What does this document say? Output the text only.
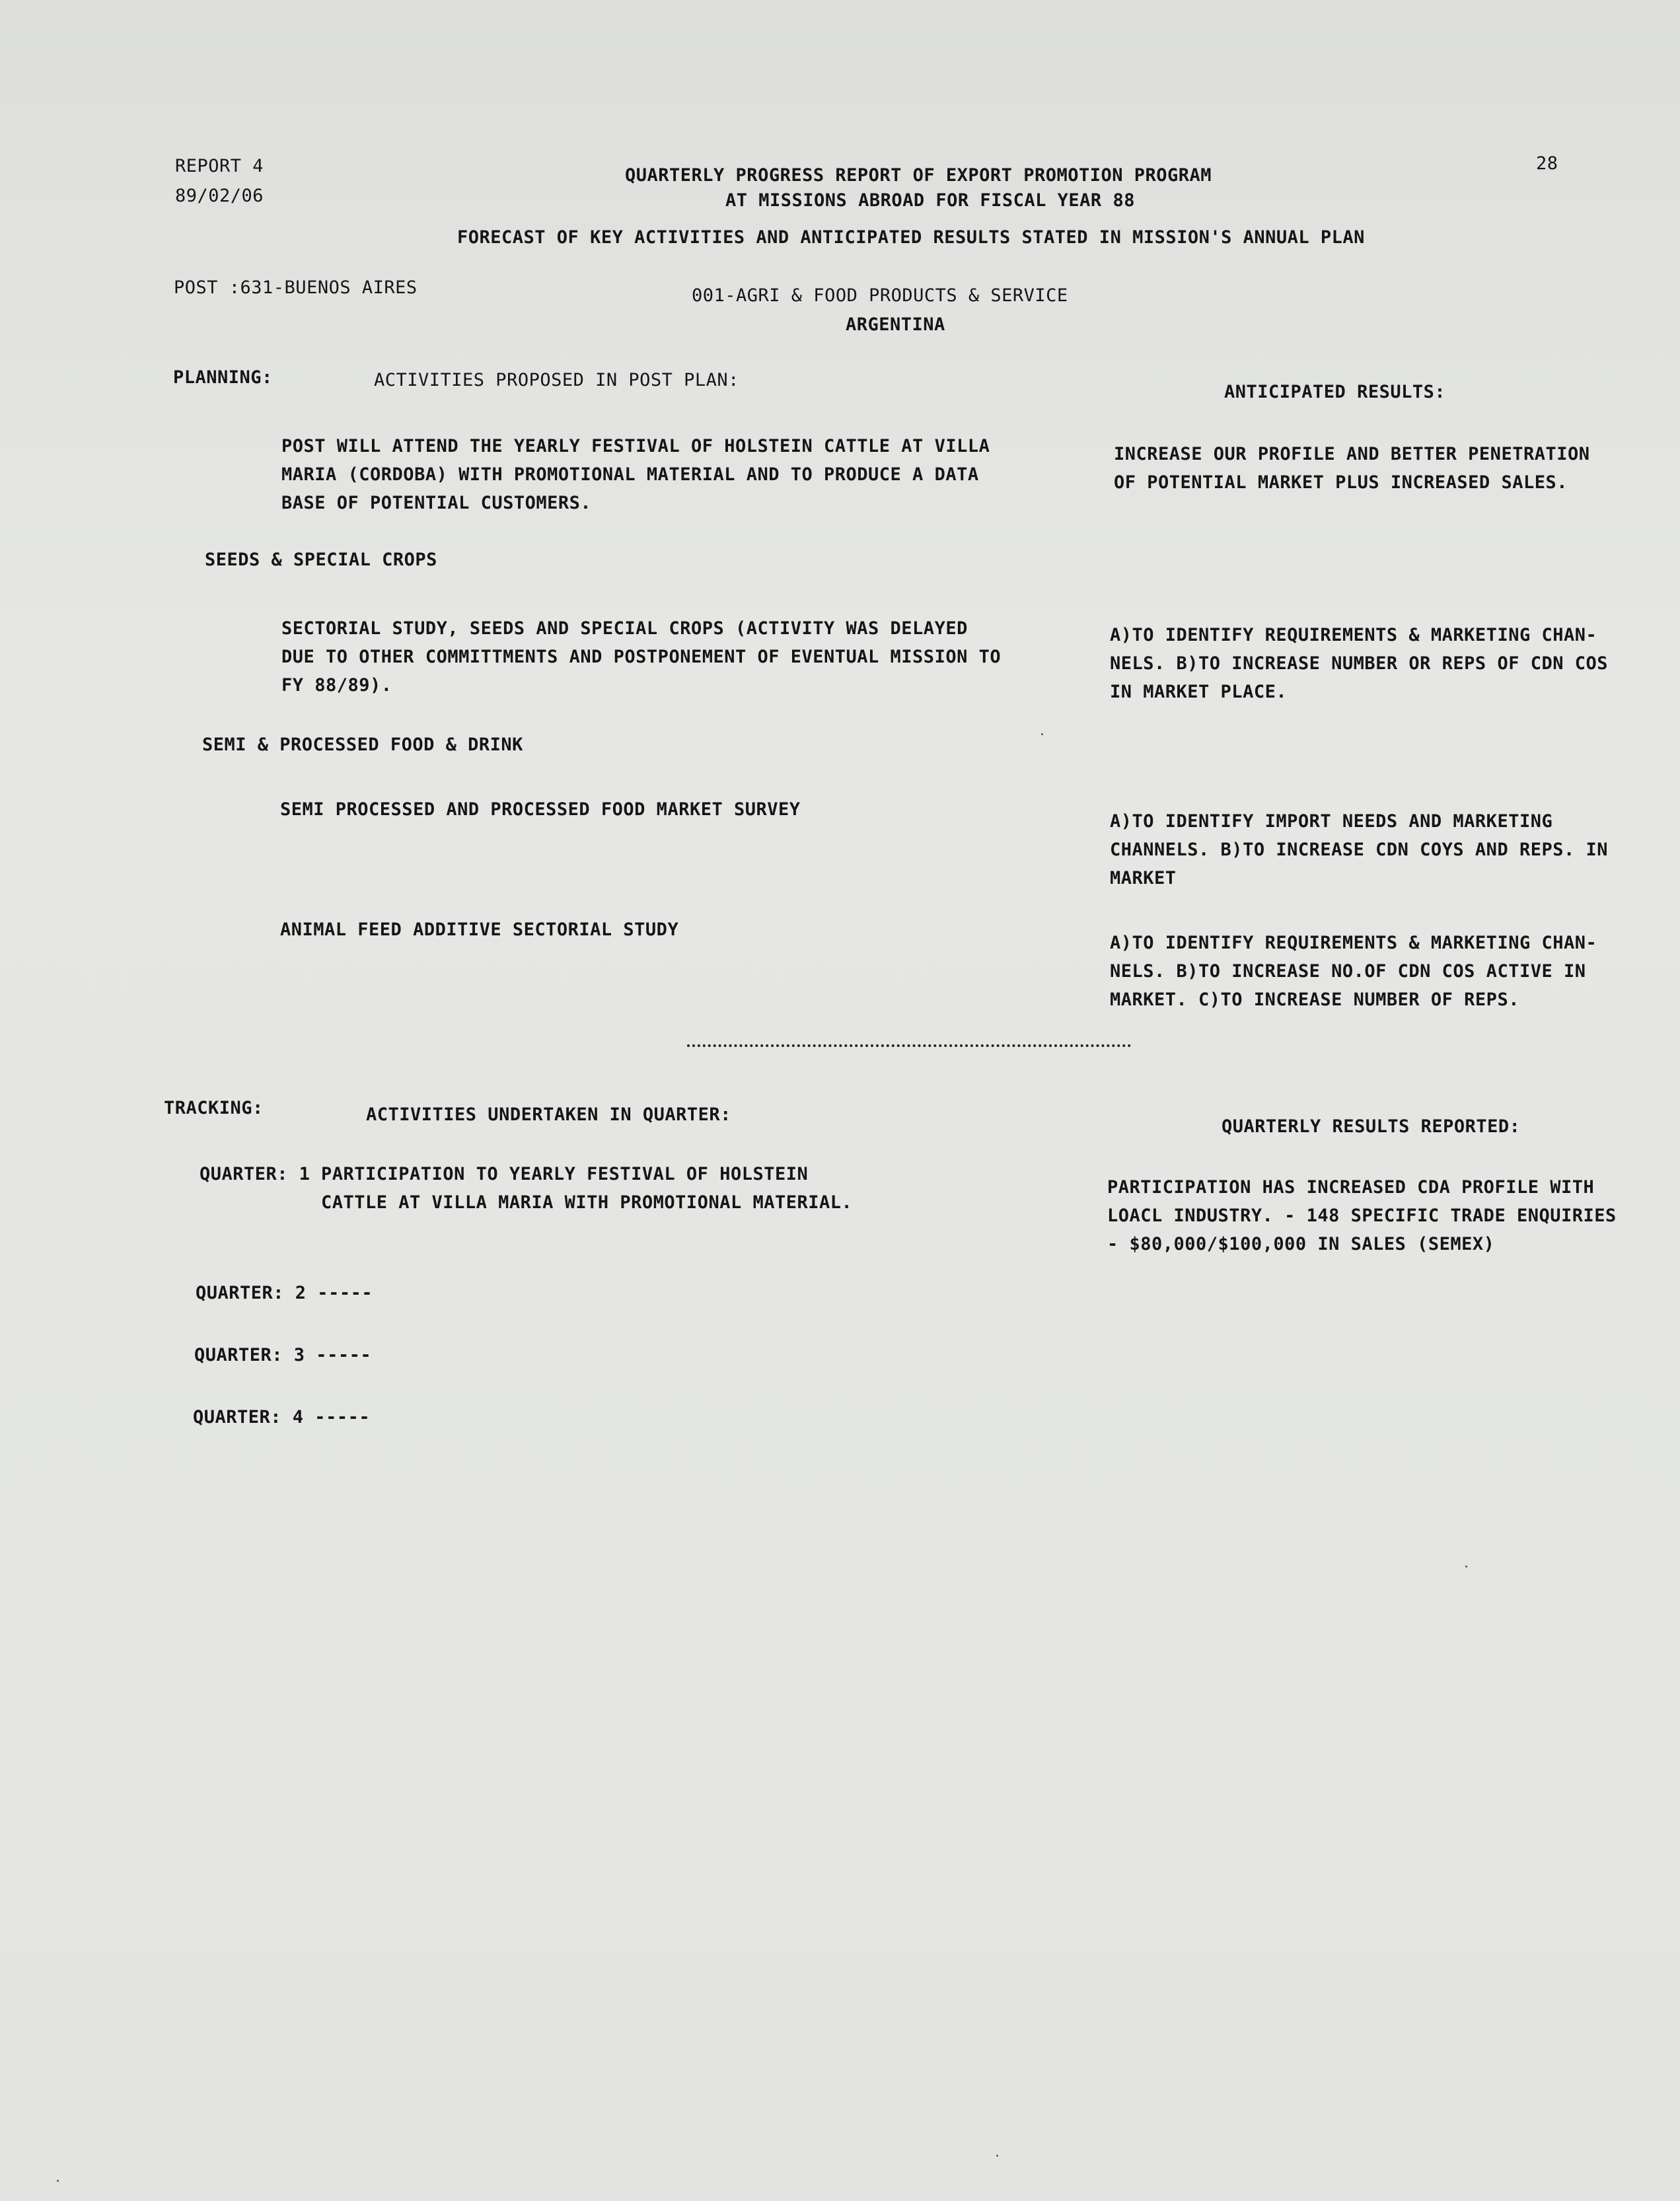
REPORT 4
89/02/06
QUARTERLY PROGRESS REPORT OF EXPORT PROMOTION PROGRAM
AT MISSIONS ABROAD FOR FISCAL YEAR 88
FORECAST OF KEY ACTIVITIES AND ANTICIPATED RESULTS STATED IN MISSION'S ANNUAL PLAN
28
POST :631-BUENOS AIRES	001-AGRI & FOOD PRODUCTS & SERVICE
ARGENTINA
PLANNING:	ACTIVITIES PROPOSED IN POST PLAN:
ANTICIPATED RESULTS:
POST WILL ATTEND THE YEARLY FESTIVAL OF HOLSTEIN CATTLE AT VILLA
MARIA (CORDOBA) WITH PROMOTIONAL MATERIAL AND TO PRODUCE A DATA
BASE OF POTENTIAL CUSTOMERS.
INCREASE OUR PROFILE AND BETTER PENETRATION
OF POTENTIAL MARKET PLUS INCREASED SALES.
SEEDS & SPECIAL CROPS
SECTORIAL STUDY, SEEDS AND SPECIAL CROPS (ACTIVITY WAS DELAYED
DUE TO OTHER COMMITTMENTS AND POSTPONEMENT OF EVENTUAL MISSION TO
FY 88/89).
A)TO IDENTIFY REQUIREMENTS & MARKETING CHAN-
NELS. B)TO INCREASE NUMBER OR REPS OF CDN COS
IN MARKET PLACE.
SEMI & PROCESSED FOOD & DRINK
SEMI PROCESSED AND PROCESSED FOOD MARKET SURVEY
A)TO IDENTIFY IMPORT NEEDS AND MARKETING
CHANNELS. B)TO INCREASE CDN COYS AND REPS. IN
MARKET
ANIMAL FEED ADDITIVE SECTORIAL STUDY
A)TO IDENTIFY REQUIREMENTS & MARKETING CHAN-
NELS. B)TO INCREASE NO.OF CDN COS ACTIVE IN
MARKET. C)TO INCREASE NUMBER OF REPS.
TRACKING:	ACTIVITIES UNDERTAKEN IN QUARTER:
QUARTERLY RESULTS REPORTED:
QUARTER: 1 PARTICIPATION TO YEARLY FESTIVAL OF HOLSTEIN
CATTLE AT VILLA MARIA WITH PROMOTIONAL MATERIAL.
PARTICIPATION HAS INCREASED CDA PROFILE WITH
LOACL INDUSTRY. - 148 SPECIFIC TRADE ENQUIRIES
- $80,000/$100,000 IN SALES (SEMEX)
QUARTER: 2 -----
QUARTER: 3 -----
QUARTER: 4 -----
